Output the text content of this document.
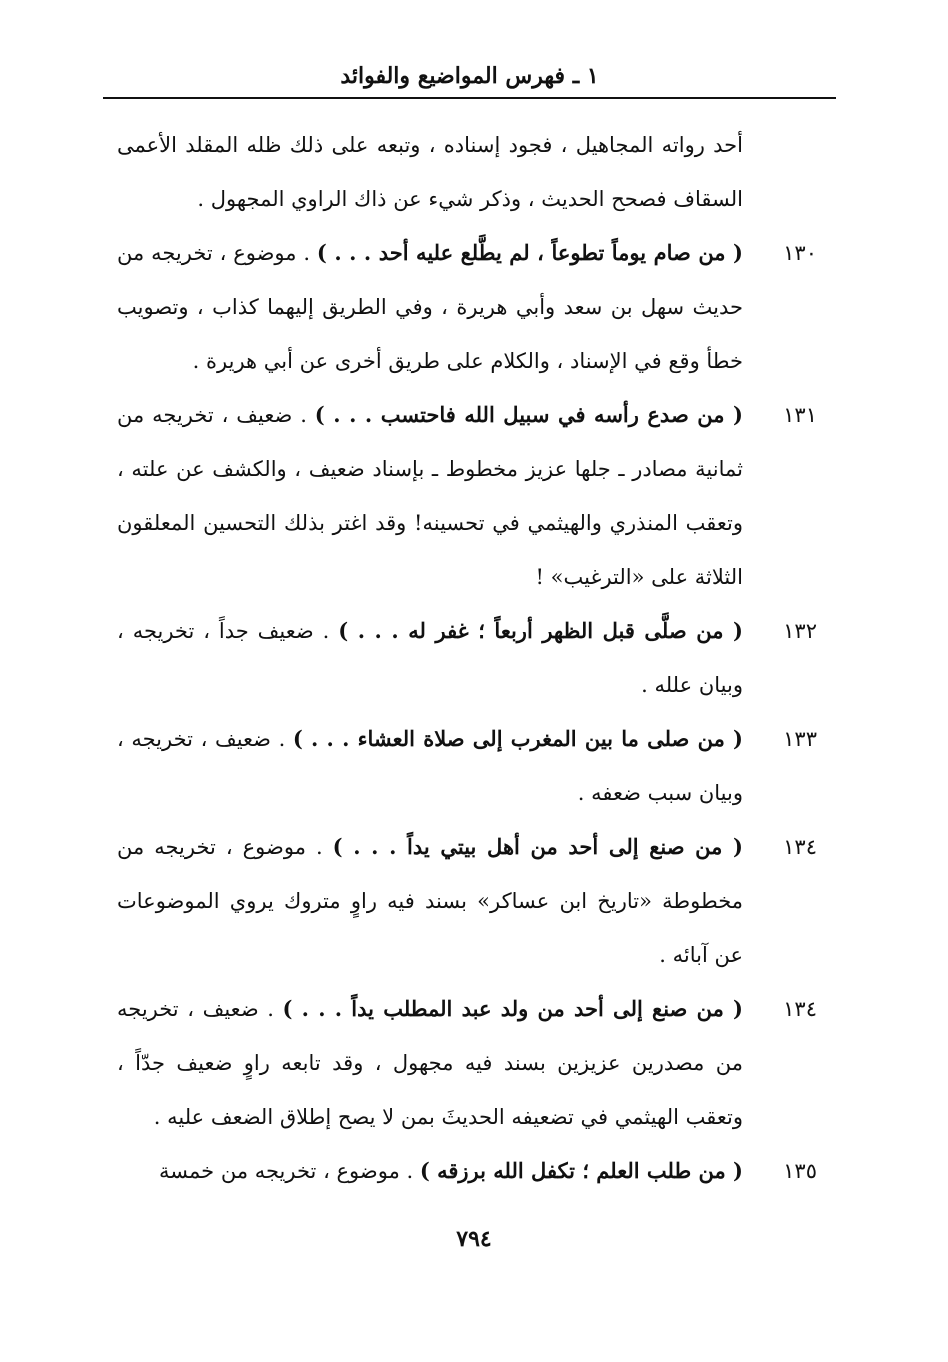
١ ـ فهرس المواضيع والفوائد
أحد رواته المجاهيل ، فجود إسناده ، وتبعه على ذلك ظله المقلد الأعمى السقاف فصحح الحديث ، وذكر شيء عن ذاك الراوي المجهول .
١٣٠
( من صام يوماً تطوعاً ، لم يطَّلع عليه أحد . . . ) . موضوع ، تخريجه من حديث سهل بن سعد وأبي هريرة ، وفي الطريق إليهما كذاب ، وتصويب خطأ وقع في الإسناد ، والكلام على طريق أخرى عن أبي هريرة .
١٣١
( من صدع رأسه في سبيل الله فاحتسب . . . ) . ضعيف ، تخريجه من ثمانية مصادر ـ جلها عزيز مخطوط ـ بإسناد ضعيف ، والكشف عن علته ، وتعقب المنذري والهيثمي في تحسينه! وقد اغتر بذلك التحسين المعلقون الثلاثة على «الترغيب» !
١٣٢
( من صلَّى قبل الظهر أربعاً ؛ غفر له . . . ) . ضعيف جداً ، تخريجه ، وبيان علله .
١٣٣
( من صلى ما بين المغرب إلى صلاة العشاء . . . ) . ضعيف ، تخريجه ، وبيان سبب ضعفه .
١٣٤
( من صنع إلى أحد من أهل بيتي يداً . . . ) . موضوع ، تخريجه من مخطوطة «تاريخ ابن عساكر» بسند فيه راوٍ متروك يروي الموضوعات عن آبائه .
١٣٤
( من صنع إلى أحد من ولد عبد المطلب يداً . . . ) . ضعيف ، تخريجه من مصدرين عزيزين بسند فيه مجهول ، وقد تابعه راوٍ ضعيف جدّاً ، وتعقب الهيثمي في تضعيفه الحديثَ بمن لا يصح إطلاق الضعف عليه .
١٣٥
( من طلب العلم ؛ تكفل الله برزقه ) . موضوع ، تخريجه من خمسة
٧٩٤
